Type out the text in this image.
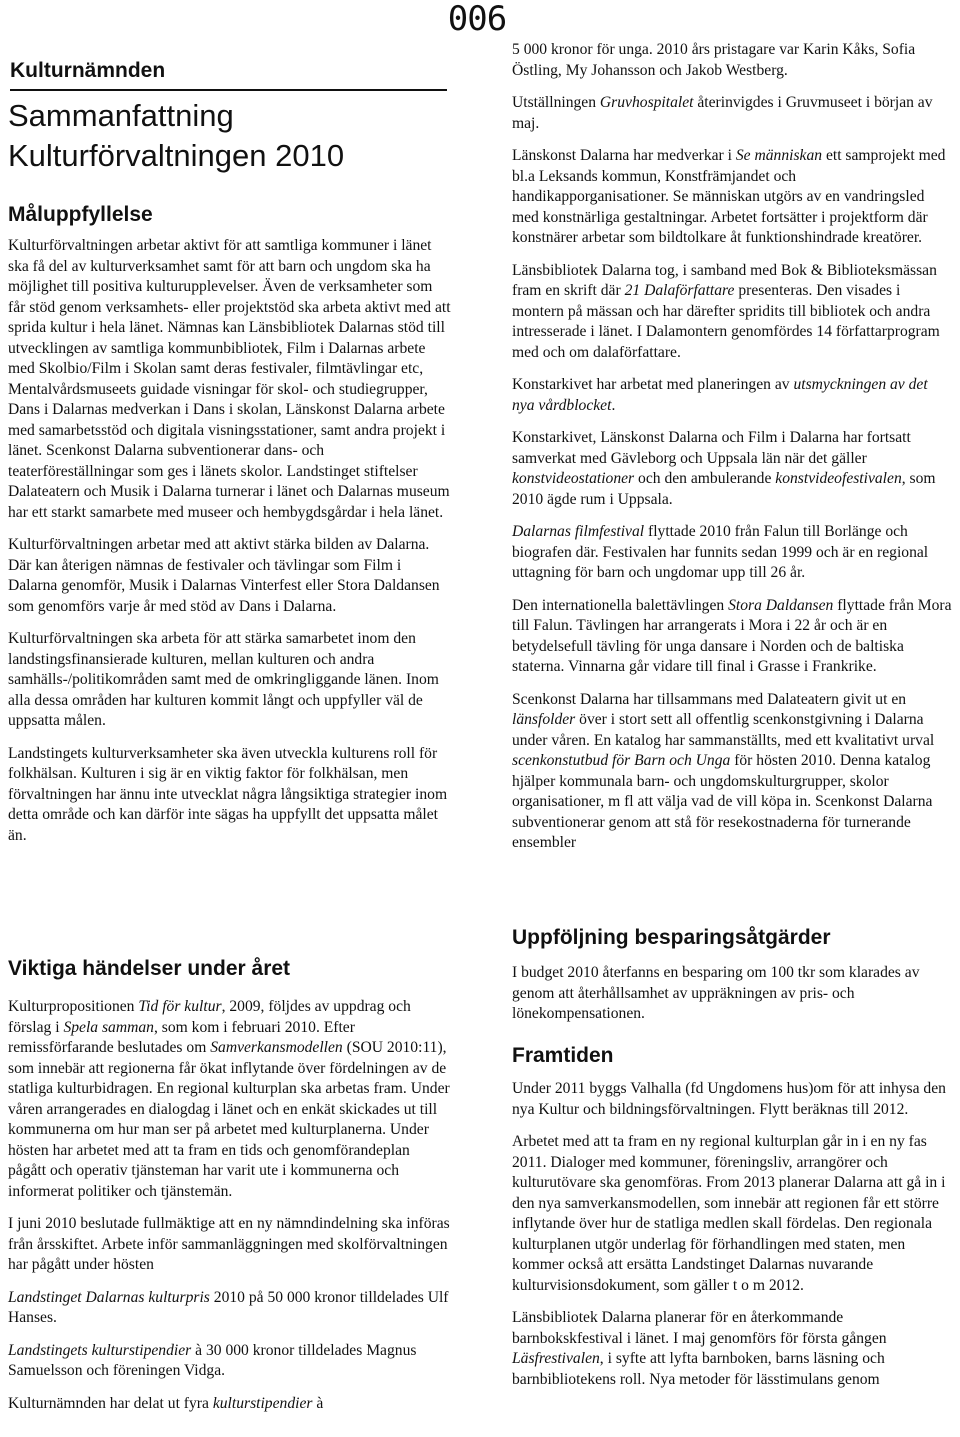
006
Kulturnämnden
Sammanfattning
Kulturförvaltningen 2010
Måluppfyllelse

Kulturförvaltningen arbetar aktivt för att samtliga kommuner i länet ska få del av kulturverksamhet samt för att barn och ungdom ska ha möjlighet till positiva kulturupplevelser. Även de verksamheter som får stöd genom verksamhets- eller projektstöd ska arbeta aktivt med att sprida kultur i hela länet. Nämnas kan Länsbibliotek Dalarnas stöd till utvecklingen av samtliga kommunbibliotek, Film i Dalarnas arbete med Skolbio/Film i Skolan samt deras festivaler, filmtävlingar etc, Mentalvårdsmuseets guidade visningar för skol- och studiegrupper, Dans i Dalarnas medverkan i Dans i skolan, Länskonst Dalarna arbete med samarbetsstöd och digitala visningsstationer, samt andra projekt i länet. Scenkonst Dalarna subventionerar dans- och teaterföreställningar som ges i länets skolor. Landstinget stiftelser Dalateatern och Musik i Dalarna turnerar i länet och Dalarnas museum har ett starkt samarbete med museer och hembygdsgårdar i hela länet.

Kulturförvaltningen arbetar med att aktivt stärka bilden av Dalarna. Där kan återigen nämnas de festivaler och tävlingar som Film i Dalarna genomför, Musik i Dalarnas Vinterfest eller Stora Daldansen som genomförs varje år med stöd av Dans i Dalarna.

Kulturförvaltningen ska arbeta för att stärka samarbetet inom den landstingsfinansierade kulturen, mellan kulturen och andra samhälls-/politikområden samt med de omkringliggande länen. Inom alla dessa områden har kulturen kommit långt och uppfyller väl de uppsatta målen.

Landstingets kulturverksamheter ska även utveckla kulturens roll för folkhälsan. Kulturen i sig är en viktig faktor för folkhälsan, men förvaltningen har ännu inte utvecklat några långsiktiga strategier inom detta område och kan därför inte sägas ha uppfyllt det uppsatta målet än.

Viktiga händelser under året

Kulturpropositionen Tid för kultur, 2009, följdes av uppdrag och förslag i Spela samman, som kom i februari 2010. Efter remissförfarande beslutades om Samverkansmodellen (SOU 2010:11), som innebär att regionerna får ökat inflytande över fördelningen av de statliga kulturbidragen. En regional kulturplan ska arbetas fram. Under våren arrangerades en dialogdag i länet och en enkät skickades ut till kommunerna om hur man ser på arbetet med kulturplanerna. Under hösten har arbetet med att ta fram en tids och genomförandeplan pågått och operativ tjänsteman har varit ute i kommunerna och informerat politiker och tjänstemän.

I juni 2010 beslutade fullmäktige att en ny nämndindelning ska införas från årsskiftet. Arbete inför sammanläggningen med skolförvaltningen har pågått under hösten

Landstinget Dalarnas kulturpris 2010 på 50 000 kronor tilldelades Ulf Hanses.

Landstingets kulturstipendier à 30 000 kronor tilldelades Magnus Samuelsson och föreningen Vidga.

Kulturnämnden har delat ut fyra kulturstipendier à

5 000 kronor för unga. 2010 års pristagare var Karin Kåks, Sofia Östling, My Johansson och Jakob Westberg.

Utställningen Gruvhospitalet återinvigdes i Gruvmuseet i början av maj.

Länskonst Dalarna har medverkar i Se människan ett samprojekt med bl.a Leksands kommun, Konstfrämjandet och handikapporganisationer. Se människan utgörs av en vandringsled med konstnärliga gestaltningar. Arbetet fortsätter i projektform där konstnärer arbetar som bildtolkare åt funktionshindrade kreatörer.

Länsbibliotek Dalarna tog, i samband med Bok & Biblioteksmässan fram en skrift där 21 Dalaförfattare presenteras. Den visades i montern på mässan och har därefter spridits till bibliotek och andra intresserade i länet. I Dalamontern genomfördes 14 författarprogram med och om dalaförfattare.

Konstarkivet har arbetat med planeringen av utsmyckningen av det nya vårdblocket.

Konstarkivet, Länskonst Dalarna och Film i Dalarna har fortsatt samverkat med Gävleborg och Uppsala län när det gäller konstvideostationer och den ambulerande konstvideofestivalen, som 2010 ägde rum i Uppsala.

Dalarnas filmfestival flyttade 2010 från Falun till Borlänge och biografen där. Festivalen har funnits sedan 1999 och är en regional uttagning för barn och ungdomar upp till 26 år.

Den internationella balettävlingen Stora Daldansen flyttade från Mora till Falun. Tävlingen har arrangerats i Mora i 22 år och är en betydelsefull tävling för unga dansare i Norden och de baltiska staterna. Vinnarna går vidare till final i Grasse i Frankrike.

Scenkonst Dalarna har tillsammans med Dalateatern givit ut en länsfolder över i stort sett all offentlig scenkonstgivning i Dalarna under våren. En katalog har sammanställts, med ett kvalitativt urval scenkonstutbud för Barn och Unga för hösten 2010. Denna katalog hjälper kommunala barn- och ungdomskulturgrupper, skolor organisationer, m fl att välja vad de vill köpa in. Scenkonst Dalarna subventionerar genom att stå för resekostnaderna för turnerande ensembler

Uppföljning besparingsåtgärder

I budget 2010 återfanns en besparing om 100 tkr som klarades av genom att återhållsamhet av uppräkningen av pris- och lönekompensationen.

Framtiden

Under 2011 byggs Valhalla (fd Ungdomens hus)om för att inhysa den nya Kultur och bildningsförvaltningen. Flytt beräknas till 2012.

Arbetet med att ta fram en ny regional kulturplan går in i en ny fas 2011. Dialoger med kommuner, föreningsliv, arrangörer och kulturutövare ska genomföras. From 2013 planerar Dalarna att gå in i den nya samverkansmodellen, som innebär att regionen får ett större inflytande över hur de statliga medlen skall fördelas. Den regionala kulturplanen utgör underlag för förhandlingen med staten, men kommer också att ersätta Landstinget Dalarnas nuvarande kulturvisionsdokument, som gäller t o m 2012.

Länsbibliotek Dalarna planerar för en återkommande barnbokskfestival i länet. I maj genomförs för första gången Läsfrestivalen, i syfte att lyfta barnboken, barns läsning och barnbibliotekens roll. Nya metoder för lässtimulans genom
